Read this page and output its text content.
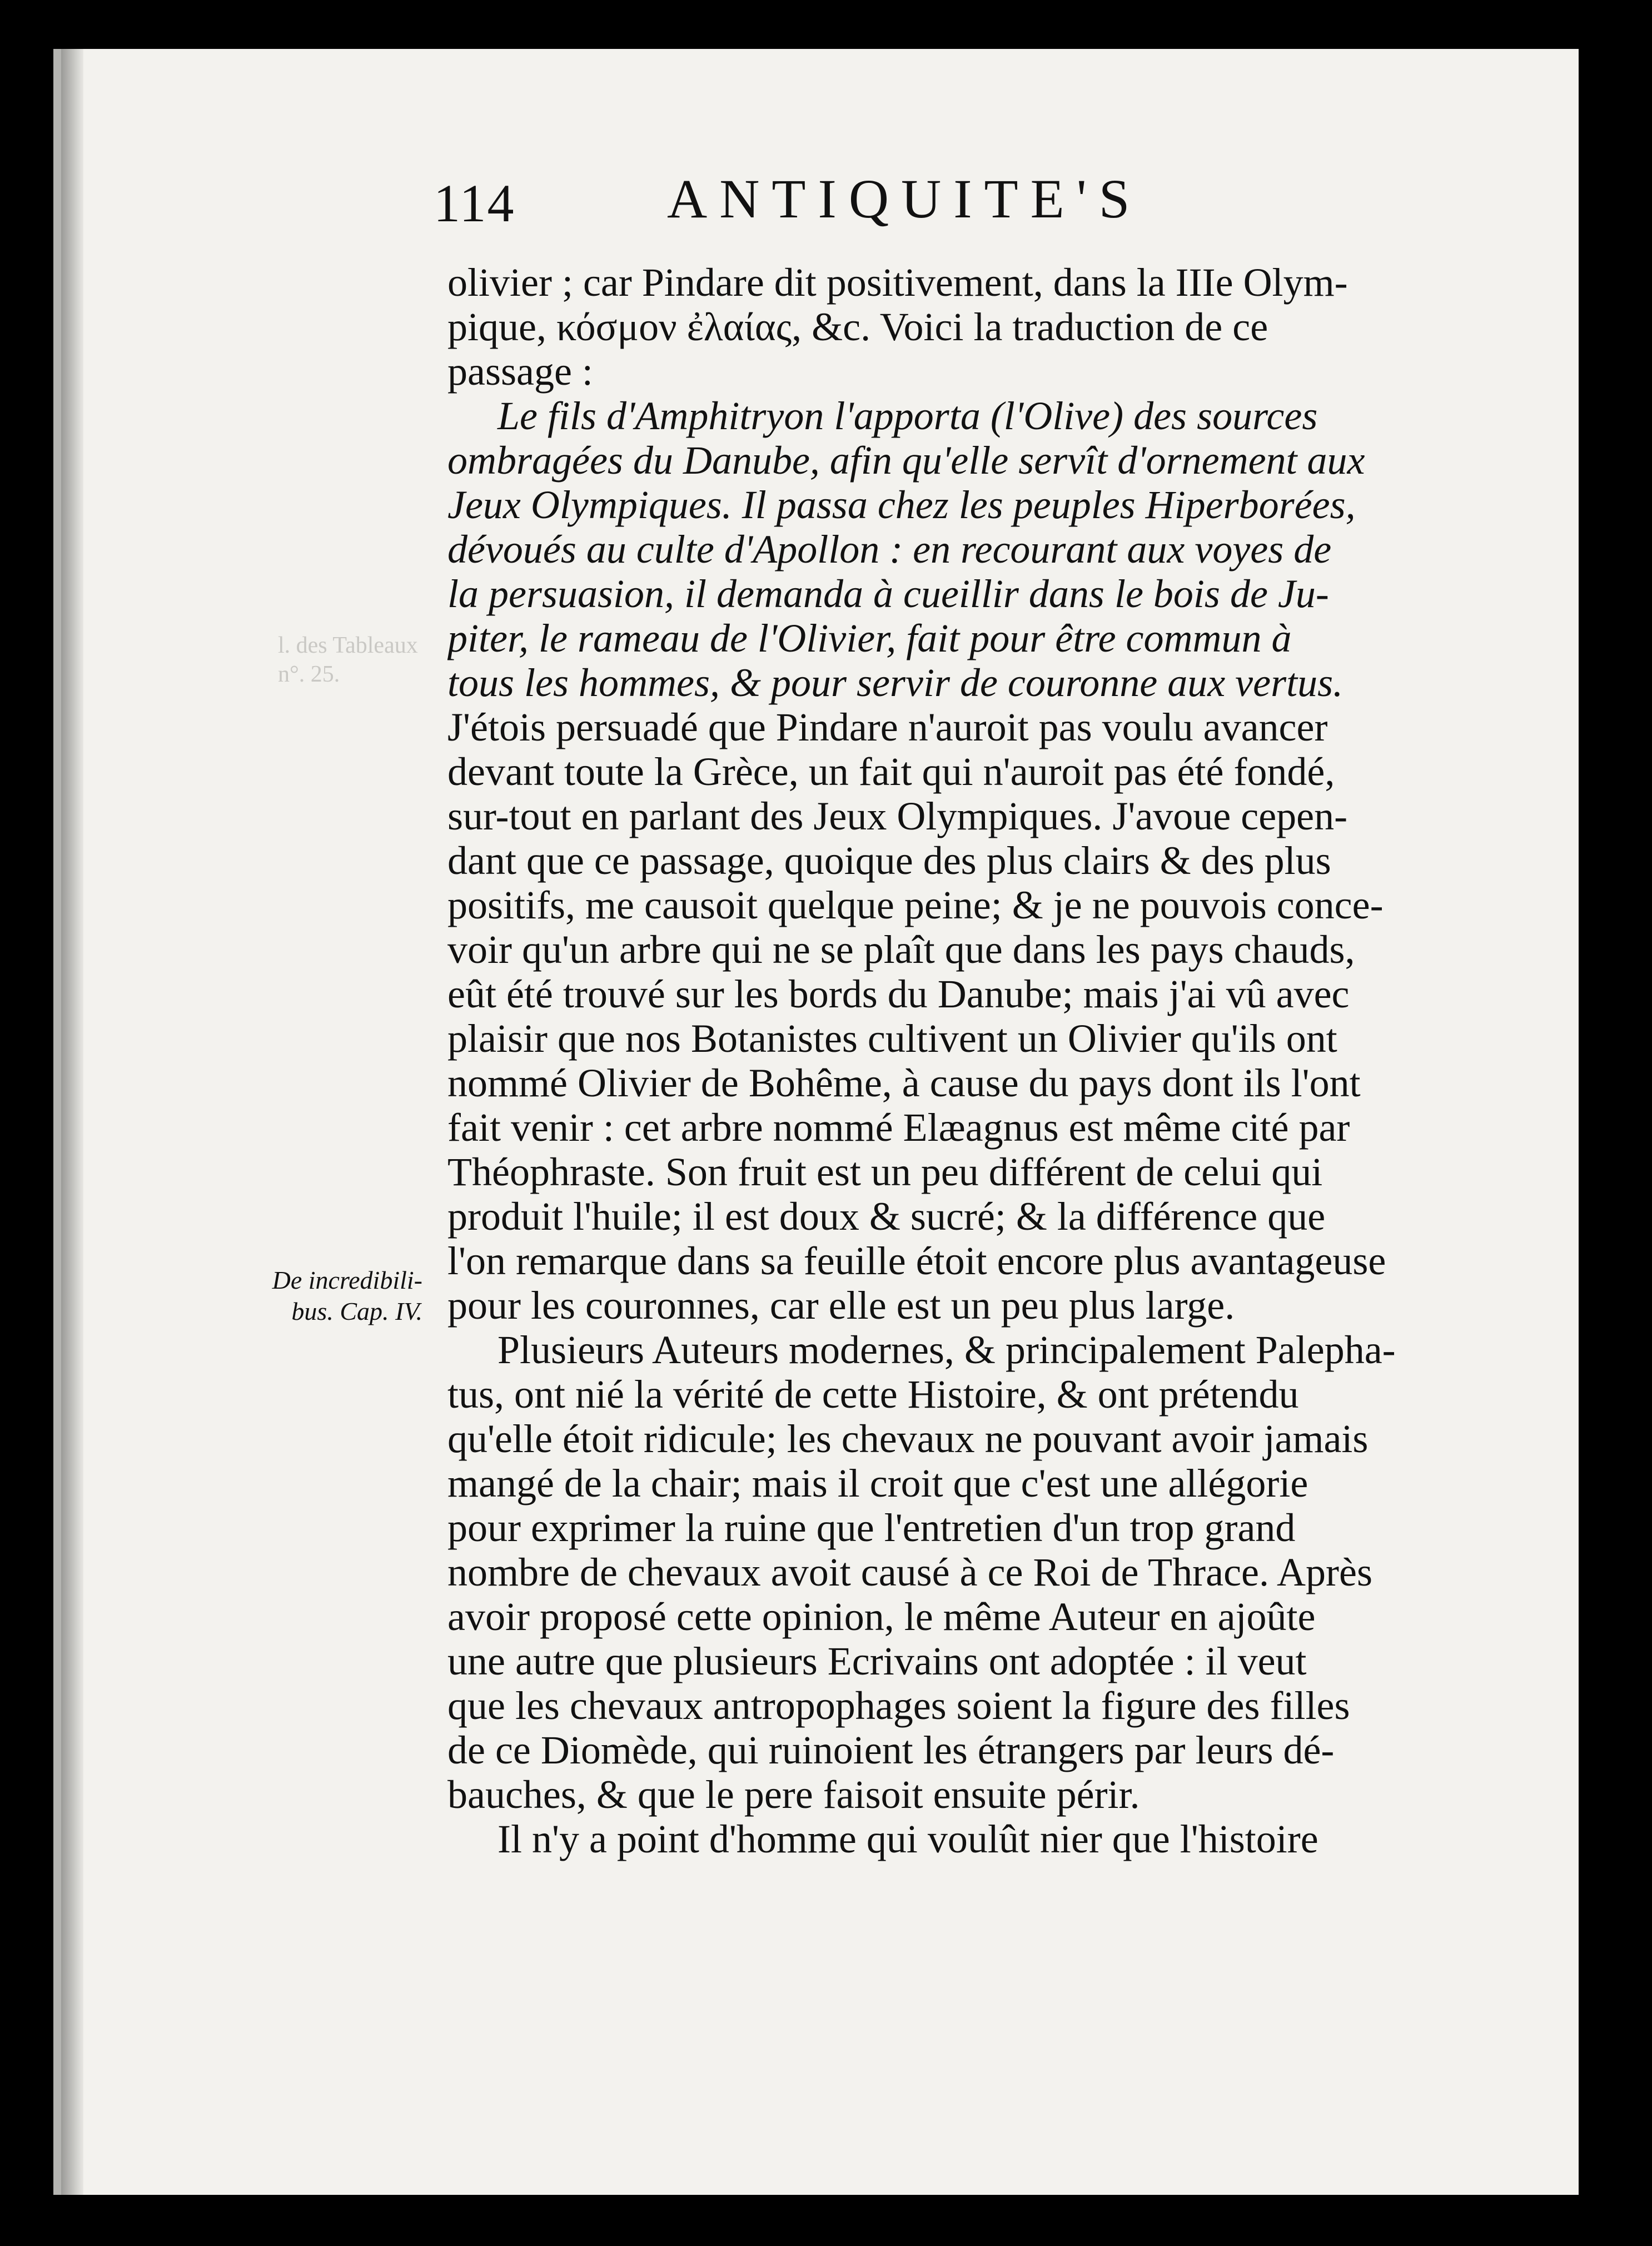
114	ANTIQUITE'S
l. des Tableaux
n°. 25.
De incredibili-
bus. Cap. IV.
olivier ; car Pindare dit positivement, dans la IIIe Olym-
pique, κόσμον ἐλαίας, &c. Voici la traduction de ce
passage :
Le fils d'Amphitryon l'apporta (l'Olive) des sources
ombragées du Danube, afin qu'elle servît d'ornement aux
Jeux Olympiques. Il passa chez les peuples Hiperborées,
dévoués au culte d'Apollon : en recourant aux voyes de
la persuasion, il demanda à cueillir dans le bois de Ju-
piter, le rameau de l'Olivier, fait pour être commun à
tous les hommes, & pour servir de couronne aux vertus.
J'étois persuadé que Pindare n'auroit pas voulu avancer
devant toute la Grèce, un fait qui n'auroit pas été fondé,
sur-tout en parlant des Jeux Olympiques. J'avoue cepen-
dant que ce passage, quoique des plus clairs & des plus
positifs, me causoit quelque peine; & je ne pouvois conce-
voir qu'un arbre qui ne se plaît que dans les pays chauds,
eût été trouvé sur les bords du Danube; mais j'ai vû avec
plaisir que nos Botanistes cultivent un Olivier qu'ils ont
nommé Olivier de Bohême, à cause du pays dont ils l'ont
fait venir : cet arbre nommé Elæagnus est même cité par
Théophraste. Son fruit est un peu différent de celui qui
produit l'huile; il est doux & sucré; & la différence que
l'on remarque dans sa feuille étoit encore plus avantageuse
pour les couronnes, car elle est un peu plus large.
Plusieurs Auteurs modernes, & principalement Palepha-
tus, ont nié la vérité de cette Histoire, & ont prétendu
qu'elle étoit ridicule; les chevaux ne pouvant avoir jamais
mangé de la chair; mais il croit que c'est une allégorie
pour exprimer la ruine que l'entretien d'un trop grand
nombre de chevaux avoit causé à ce Roi de Thrace. Après
avoir proposé cette opinion, le même Auteur en ajoûte
une autre que plusieurs Ecrivains ont adoptée : il veut
que les chevaux antropophages soient la figure des filles
de ce Diomède, qui ruinoient les étrangers par leurs dé-
bauches, & que le pere faisoit ensuite périr.
Il n'y a point d'homme qui voulût nier que l'histoire
